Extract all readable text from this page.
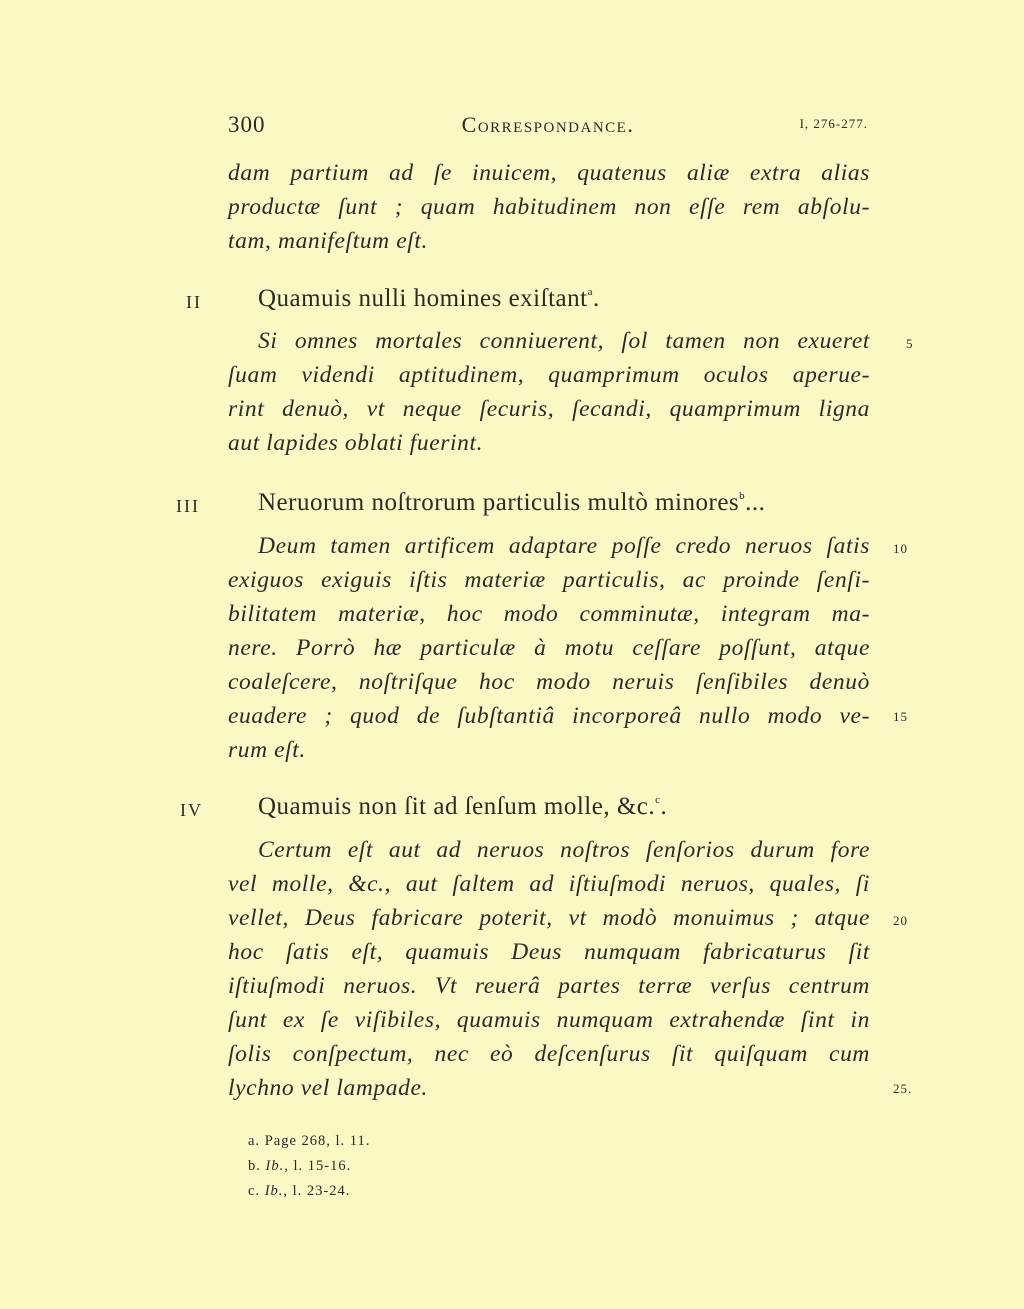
300	Correspondance.	I, 276-277.
dam partium ad ſe inuicem, quatenus aliæ extra alias
productæ ſunt ; quam habitudinem non eſſe rem abſolu-
tam, manifeſtum eſt.
II Quamuis nulli homines exiſtant$^a$.
Si omnes mortales conniuerent, ſol tamen non exueret
ſuam videndi aptitudinem, quamprimum oculos aperue-
rint denuò, vt neque ſecuris, ſecandi, quamprimum ligna
aut lapides oblati fuerint.
5
III Neruorum noſtrorum particulis multò minores$^b$...
Deum tamen artificem adaptare poſſe credo neruos ſatis
exiguos exiguis iſtis materiæ particulis, ac proinde ſenſi-
bilitatem materiæ, hoc modo comminutæ, integram ma-
nere. Porrò hæ particulæ à motu ceſſare poſſunt, atque
coaleſcere, noſtriſque hoc modo neruis ſenſibiles denuò
euadere ; quod de ſubſtantiâ incorporeâ nullo modo ve-
rum eſt.
10
15
IV Quamuis non ſit ad ſenſum molle, &c.$^c$.
Certum eſt aut ad neruos noſtros ſenſorios durum fore
vel molle, &c., aut ſaltem ad iſtiuſmodi neruos, quales, ſi
vellet, Deus fabricare poterit, vt modò monuimus ; atque
hoc ſatis eſt, quamuis Deus numquam fabricaturus ſit
iſtiuſmodi neruos. Vt reuerâ partes terræ verſus centrum
ſunt ex ſe viſibiles, quamuis numquam extrahendæ ſint in
ſolis conſpectum, nec eò deſcenſurus ſit quiſquam cum
lychno vel lampade.
20
25.
a. Page 268, l. 11.
b. Ib., l. 15-16.
c. Ib., l. 23-24.
